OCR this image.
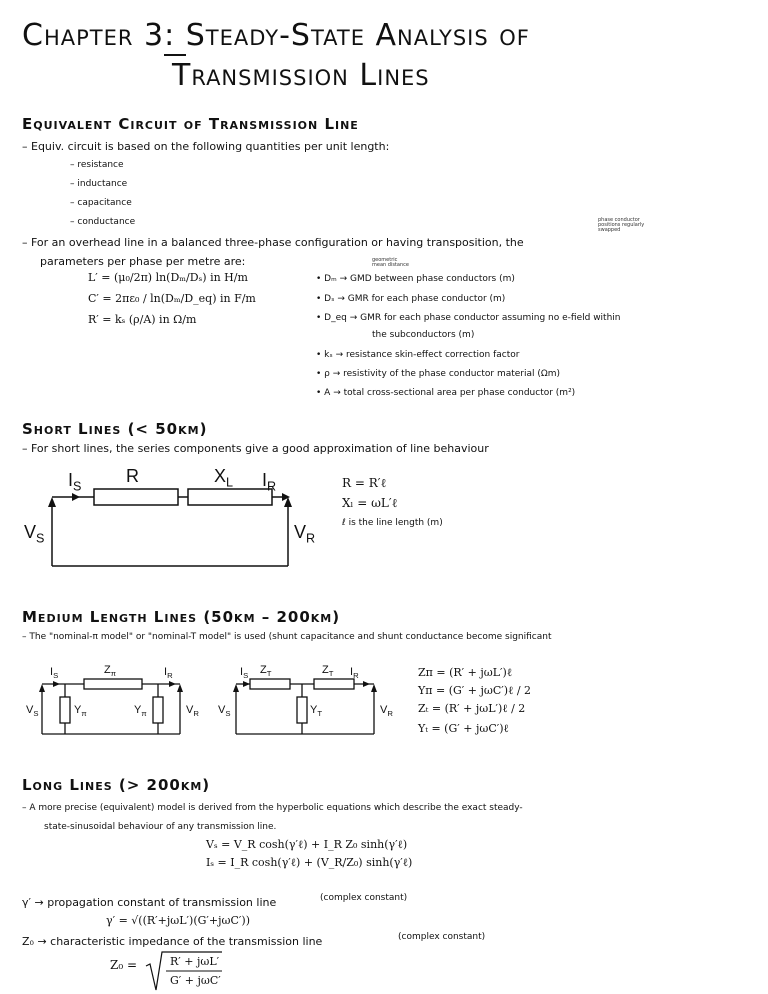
Chapter 3: Steady-State Analysis of
Transmission Lines
Equivalent Circuit of Transmission Line
– Equiv. circuit is based on the following quantities per unit length:
– resistance
– inductance
– capacitance
– conductance	phase conductor positions regularly swapped
– For an overhead line in a balanced three-phase configuration or having transposition, the
parameters per phase per metre are:
L′ = (μ₀/2π) ln(Dₘ/Dₛ) in H/m
C′ = 2πε₀ / ln(Dₘ/D_eq) in F/m
R′ = kₛ (ρ/A) in Ω/m
geometric mean distance
• Dₘ → GMD between phase conductors (m)
• Dₛ → GMR for each phase conductor (m)
• D_eq → GMR for each phase conductor assuming no e-field within
the subconductors (m)
• kₛ → resistance skin-effect correction factor
• ρ → resistivity of the phase conductor material (Ωm)
• A → total cross-sectional area per phase conductor (m²)
Short Lines (< 50km)
– For short lines, the series components give a good approximation of line behaviour
$I_S$
R	$X_L$ $I_R$
$V_S$	$V_R$
R = R′ℓ
Xₗ = ωL′ℓ
ℓ is the line length (m)
Medium Length Lines (50km – 200km)
– The "nominal-π model" or "nominal-T model" is used (shunt capacitance and shunt conductance become significant
$I_S$	$Z_\pi$	$I_R$
$V_S$	$Y_\pi$	$Y_\pi$	$V_R$
$I_S$ $Z_T$	$Z_T$ $I_R$
$V_S$	$Y_T$	$V_R$
Zπ = (R′ + jωL′)ℓ
Yπ = (G′ + jωC′)ℓ / 2
Zₜ = (R′ + jωL′)ℓ / 2
Yₜ = (G′ + jωC′)ℓ
Long Lines (> 200km)
– A more precise (equivalent) model is derived from the hyperbolic equations which describe the exact steady-
state-sinusoidal behaviour of any transmission line.
Vₛ = V_R cosh(γ′ℓ) + I_R Z₀ sinh(γ′ℓ)
Iₛ = I_R cosh(γ′ℓ) + (V_R/Z₀) sinh(γ′ℓ)
γ′ → propagation constant of transmission line	(complex constant)
γ′ = √((R′+jωL′)(G′+jωC′))
Z₀ → characteristic impedance of the transmission line	(complex constant)
Z₀ =	R′ + jωL′
G′ + jωC′
